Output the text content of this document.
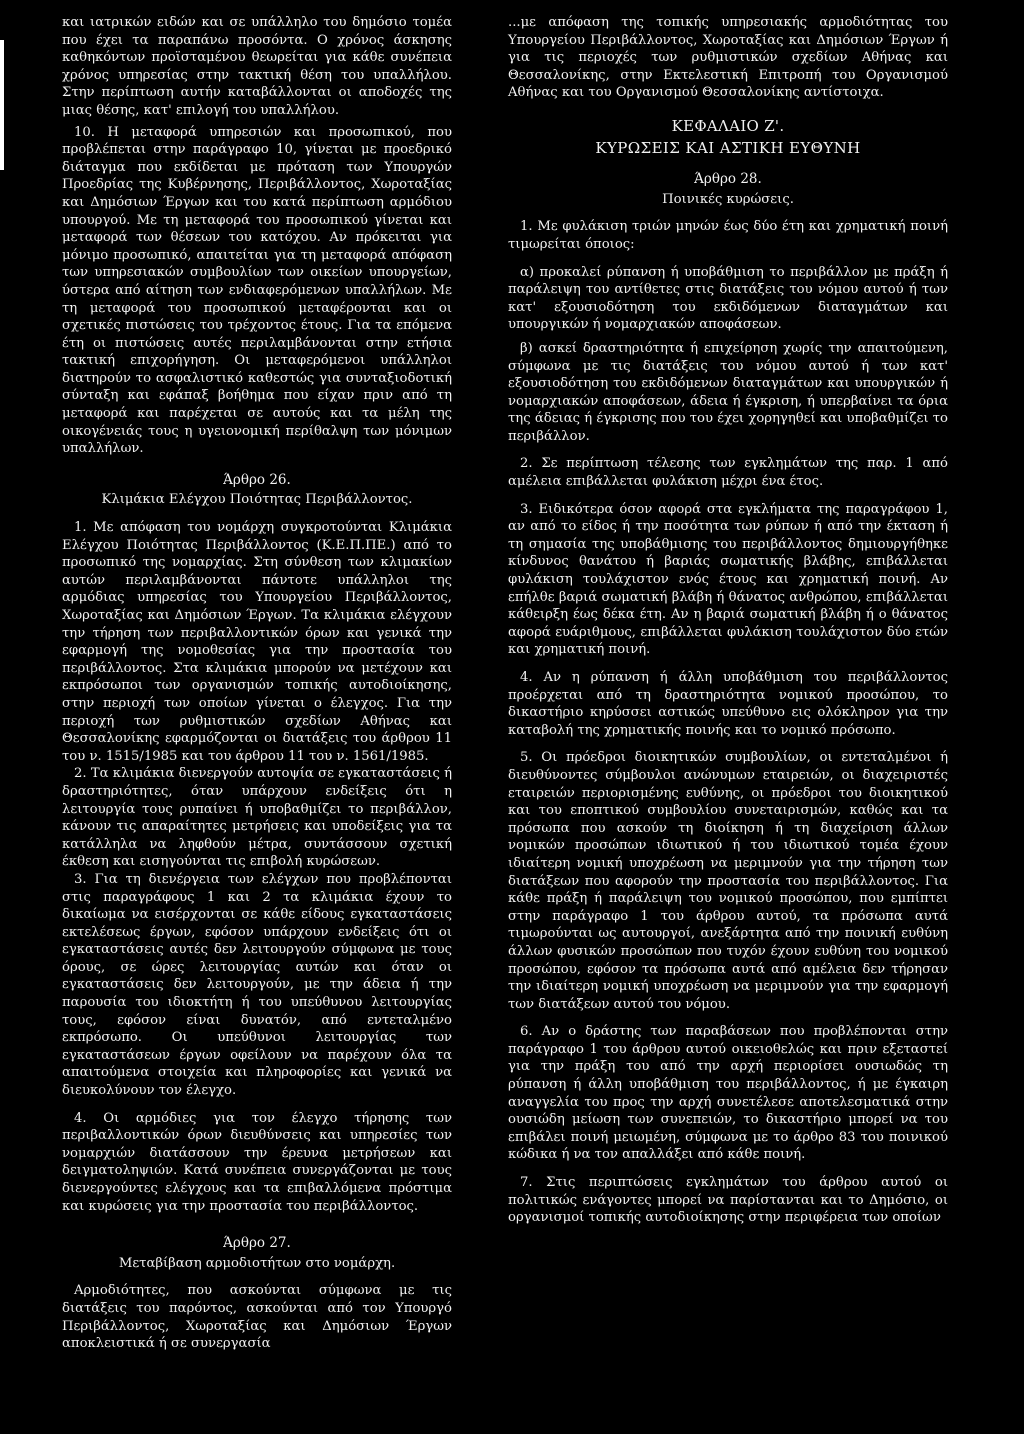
και ιατρικών ειδών και σε υπάλληλο του δημόσιο τομέα που έχει τα παραπάνω προσόντα. Ο χρόνος άσκησης καθηκόντων προϊσταμένου θεωρείται για κάθε συνέπεια χρόνος υπηρεσίας στην τακτική θέση του υπαλλήλου. Στην περίπτωση αυτήν καταβάλλονται οι αποδοχές της μιας θέσης, κατ' επιλογή του υπαλλήλου.

10. Η μεταφορά υπηρεσιών και προσωπικού, που προβλέπεται στην παράγραφο 10, γίνεται με προεδρικό διάταγμα που εκδίδεται με πρόταση των Υπουργών Προεδρίας της Κυβέρνησης, Περιβάλλοντος, Χωροταξίας και Δημόσιων Έργων και του κατά περίπτωση αρμόδιου υπουργού. Με τη μεταφορά του προσωπικού γίνεται και μεταφορά των θέσεων του κατόχου. Αν πρόκειται για μόνιμο προσωπικό, απαιτείται για τη μεταφορά απόφαση των υπηρεσιακών συμβουλίων των οικείων υπουργείων, ύστερα από αίτηση των ενδιαφερόμενων υπαλλήλων. Με τη μεταφορά του προσωπικού μεταφέρονται και οι σχετικές πιστώσεις του τρέχοντος έτους. Για τα επόμενα έτη οι πιστώσεις αυτές περιλαμβάνονται στην ετήσια τακτική επιχορήγηση. Οι μεταφερόμενοι υπάλληλοι διατηρούν το ασφαλιστικό καθεστώς για συνταξιοδοτική σύνταξη και εφάπαξ βοήθημα που είχαν πριν από τη μεταφορά και παρέχεται σε αυτούς και τα μέλη της οικογένειάς τους η υγειονομική περίθαλψη των μόνιμων υπαλλήλων.

Άρθρο 26.
Κλιμάκια Ελέγχου Ποιότητας Περιβάλλοντος.

1. Με απόφαση του νομάρχη συγκροτούνται Κλιμάκια Ελέγχου Ποιότητας Περιβάλλοντος (Κ.Ε.Π.ΠΕ.) από το προσωπικό της νομαρχίας. Στη σύνθεση των κλιμακίων αυτών περιλαμβάνονται πάντοτε υπάλληλοι της αρμόδιας υπηρεσίας του Υπουργείου Περιβάλλοντος, Χωροταξίας και Δημόσιων Έργων. Τα κλιμάκια ελέγχουν την τήρηση των περιβαλλοντικών όρων και γενικά την εφαρμογή της νομοθεσίας για την προστασία του περιβάλλοντος. Στα κλιμάκια μπορούν να μετέχουν και εκπρόσωποι των οργανισμών τοπικής αυτοδιοίκησης, στην περιοχή των οποίων γίνεται ο έλεγχος. Για την περιοχή των ρυθμιστικών σχεδίων Αθήνας και Θεσσαλονίκης εφαρμόζονται οι διατάξεις του άρθρου 11 του ν. 1515/1985 και του άρθρου 11 του ν. 1561/1985.

2. Τα κλιμάκια διενεργούν αυτοψία σε εγκαταστάσεις ή δραστηριότητες, όταν υπάρχουν ενδείξεις ότι η λειτουργία τους ρυπαίνει ή υποβαθμίζει το περιβάλλον, κάνουν τις απαραίτητες μετρήσεις και υποδείξεις για τα κατάλληλα να ληφθούν μέτρα, συντάσσουν σχετική έκθεση και εισηγούνται τις επιβολή κυρώσεων.

3. Για τη διενέργεια των ελέγχων που προβλέπονται στις παραγράφους 1 και 2 τα κλιμάκια έχουν το δικαίωμα να εισέρχονται σε κάθε είδους εγκαταστάσεις εκτελέσεως έργων, εφόσον υπάρχουν ενδείξεις ότι οι εγκαταστάσεις αυτές δεν λειτουργούν σύμφωνα με τους όρους, σε ώρες λειτουργίας αυτών και όταν οι εγκαταστάσεις δεν λειτουργούν, με την άδεια ή την παρουσία του ιδιοκτήτη ή του υπεύθυνου λειτουργίας τους, εφόσον είναι δυνατόν, από εντεταλμένο εκπρόσωπο. Οι υπεύθυνοι λειτουργίας των εγκαταστάσεων έργων οφείλουν να παρέχουν όλα τα απαιτούμενα στοιχεία και πληροφορίες και γενικά να διευκολύνουν τον έλεγχο.

4. Οι αρμόδιες για τον έλεγχο τήρησης των περιβαλλοντικών όρων διευθύνσεις και υπηρεσίες των νομαρχιών διατάσσουν την έρευνα μετρήσεων και δειγματοληψιών. Κατά συνέπεια συνεργάζονται με τους διενεργούντες ελέγχους και τα επιβαλλόμενα πρόστιμα και κυρώσεις για την προστασία του περιβάλλοντος.

Άρθρο 27.
Μεταβίβαση αρμοδιοτήτων στο νομάρχη.

Αρμοδιότητες, που ασκούνται σύμφωνα με τις διατάξεις του παρόντος, ασκούνται από τον Υπουργό Περιβάλλοντος, Χωροταξίας και Δημόσιων Έργων αποκλειστικά ή σε συνεργασία

...με απόφαση της τοπικής υπηρεσιακής αρμοδιότητας του Υπουργείου Περιβάλλοντος, Χωροταξίας και Δημόσιων Έργων ή για τις περιοχές των ρυθμιστικών σχεδίων Αθήνας και Θεσσαλονίκης, στην Εκτελεστική Επιτροπή του Οργανισμού Αθήνας και του Οργανισμού Θεσσαλονίκης αντίστοιχα.

ΚΕΦΑΛΑΙΟ Ζ'.
ΚΥΡΩΣΕΙΣ ΚΑΙ ΑΣΤΙΚΗ ΕΥΘΥΝΗ
Άρθρο 28.
Ποινικές κυρώσεις.

1. Με φυλάκιση τριών μηνών έως δύο έτη και χρηματική ποινή τιμωρείται όποιος:

α) προκαλεί ρύπανση ή υποβάθμιση το περιβάλλον με πράξη ή παράλειψη του αντίθετες στις διατάξεις του νόμου αυτού ή των κατ' εξουσιοδότηση του εκδιδόμενων διαταγμάτων και υπουργικών ή νομαρχιακών αποφάσεων.

β) ασκεί δραστηριότητα ή επιχείρηση χωρίς την απαιτούμενη, σύμφωνα με τις διατάξεις του νόμου αυτού ή των κατ' εξουσιοδότηση του εκδιδόμενων διαταγμάτων και υπουργικών ή νομαρχιακών αποφάσεων, άδεια ή έγκριση, ή υπερβαίνει τα όρια της άδειας ή έγκρισης που του έχει χορηγηθεί και υποβαθμίζει το περιβάλλον.

2. Σε περίπτωση τέλεσης των εγκλημάτων της παρ. 1 από αμέλεια επιβάλλεται φυλάκιση μέχρι ένα έτος.

3. Ειδικότερα όσον αφορά στα εγκλήματα της παραγράφου 1, αν από το είδος ή την ποσότητα των ρύπων ή από την έκταση ή τη σημασία της υποβάθμισης του περιβάλλοντος δημιουργήθηκε κίνδυνος θανάτου ή βαριάς σωματικής βλάβης, επιβάλλεται φυλάκιση τουλάχιστον ενός έτους και χρηματική ποινή. Αν επήλθε βαριά σωματική βλάβη ή θάνατος ανθρώπου, επιβάλλεται κάθειρξη έως δέκα έτη. Αν η βαριά σωματική βλάβη ή ο θάνατος αφορά ευάριθμους, επιβάλλεται φυλάκιση τουλάχιστον δύο ετών και χρηματική ποινή.

4. Αν η ρύπανση ή άλλη υποβάθμιση του περιβάλλοντος προέρχεται από τη δραστηριότητα νομικού προσώπου, το δικαστήριο κηρύσσει αστικώς υπεύθυνο εις ολόκληρον για την καταβολή της χρηματικής ποινής και το νομικό πρόσωπο.

5. Οι πρόεδροι διοικητικών συμβουλίων, οι εντεταλμένοι ή διευθύνοντες σύμβουλοι ανώνυμων εταιρειών, οι διαχειριστές εταιρειών περιορισμένης ευθύνης, οι πρόεδροι του διοικητικού και του εποπτικού συμβουλίου συνεταιρισμών, καθώς και τα πρόσωπα που ασκούν τη διοίκηση ή τη διαχείριση άλλων νομικών προσώπων ιδιωτικού ή του ιδιωτικού τομέα έχουν ιδιαίτερη νομική υποχρέωση να μεριμνούν για την τήρηση των διατάξεων που αφορούν την προστασία του περιβάλλοντος. Για κάθε πράξη ή παράλειψη του νομικού προσώπου, που εμπίπτει στην παράγραφο 1 του άρθρου αυτού, τα πρόσωπα αυτά τιμωρούνται ως αυτουργοί, ανεξάρτητα από την ποινική ευθύνη άλλων φυσικών προσώπων που τυχόν έχουν ευθύνη του νομικού προσώπου, εφόσον τα πρόσωπα αυτά από αμέλεια δεν τήρησαν την ιδιαίτερη νομική υποχρέωση να μεριμνούν για την εφαρμογή των διατάξεων αυτού του νόμου.

6. Αν ο δράστης των παραβάσεων που προβλέπονται στην παράγραφο 1 του άρθρου αυτού οικειοθελώς και πριν εξεταστεί για την πράξη του από την αρχή περιορίσει ουσιωδώς τη ρύπανση ή άλλη υποβάθμιση του περιβάλλοντος, ή με έγκαιρη αναγγελία του προς την αρχή συνετέλεσε αποτελεσματικά στην ουσιώδη μείωση των συνεπειών, το δικαστήριο μπορεί να του επιβάλει ποινή μειωμένη, σύμφωνα με το άρθρο 83 του ποινικού κώδικα ή να τον απαλλάξει από κάθε ποινή.

7. Στις περιπτώσεις εγκλημάτων του άρθρου αυτού οι πολιτικώς ενάγοντες μπορεί να παρίστανται και το Δημόσιο, οι οργανισμοί τοπικής αυτοδιοίκησης στην περιφέρεια των οποίων
